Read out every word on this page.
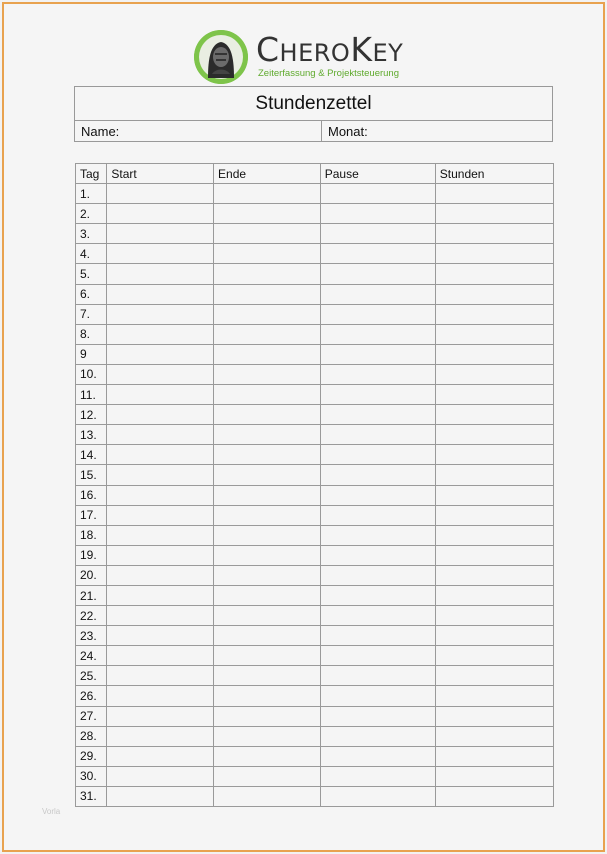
CHEROKEY
Zeiterfassung & Projektsteuerung
Stundenzettel
Name:	Monat:
Tag	Start	Ende	Pause	Stunden
1.				
2.				
3.				
4.				
5.				
6.				
7.				
8.				
9				
10.				
11.				
12.				
13.				
14.				
15.				
16.				
17.				
18.				
19.				
20.				
21.				
22.				
23.				
24.				
25.				
26.				
27.				
28.				
29.				
30.				
31.				
Vorla
